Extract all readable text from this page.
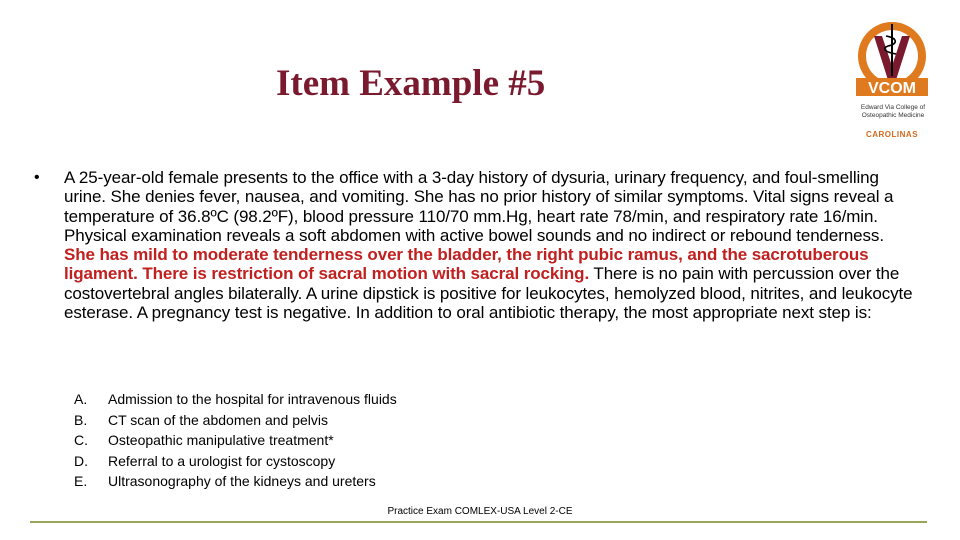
Item Example #5	VCOM
Edward Via College of Osteopathic Medicine
CAROLINAS
• A 25-year-old female presents to the office with a 3-day history of dysuria, urinary frequency, and foul-smelling urine. She denies fever, nausea, and vomiting. She has no prior history of similar symptoms. Vital signs reveal a temperature of 36.8ºC (98.2ºF), blood pressure 110/70 mm.Hg, heart rate 78/min, and respiratory rate 16/min. Physical examination reveals a soft abdomen with active bowel sounds and no indirect or rebound tenderness. She has mild to moderate tenderness over the bladder, the right pubic ramus, and the sacrotuberous ligament. There is restriction of sacral motion with sacral rocking. There is no pain with percussion over the costovertebral angles bilaterally. A urine dipstick is positive for leukocytes, hemolyzed blood, nitrites, and leukocyte esterase. A pregnancy test is negative. In addition to oral antibiotic therapy, the most appropriate next step is:
A.	Admission to the hospital for intravenous fluids
B.	CT scan of the abdomen and pelvis
C.	Osteopathic manipulative treatment*
D.	Referral to a urologist for cystoscopy
E.	Ultrasonography of the kidneys and ureters
Practice Exam COMLEX-USA Level 2-CE
